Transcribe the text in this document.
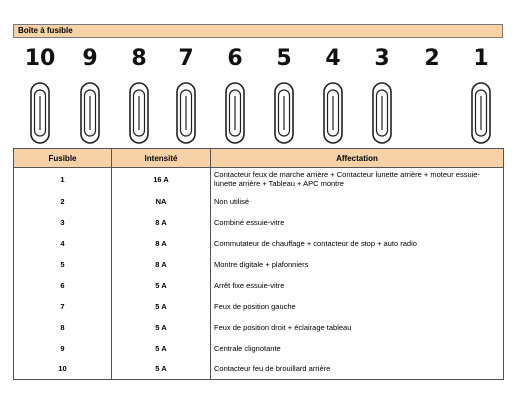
Boîte à fusible
10	9	8	7	6	5	4	3	2	1
Fusible	Intensité	Affectation
1	16 A	Contacteur feux de marche arrière + Contacteur lunette arrière + moteur essuie-lunette arrière + Tableau + APC montre
2	NA	Non utilisé
3	8 A	Combiné essuie-vitre
4	8 A	Commutateur de chauffage + contacteur de stop + auto radio
5	8 A	Montre digitale + plafonniers
6	5 A	Arrêt fixe essuie-vitre
7	5 A	Feux de position gauche
8	5 A	Feux de position droit + éclairage tableau
9	5 A	Centrale clignotante
10	5 A	Contacteur feu de brouillard arrière
